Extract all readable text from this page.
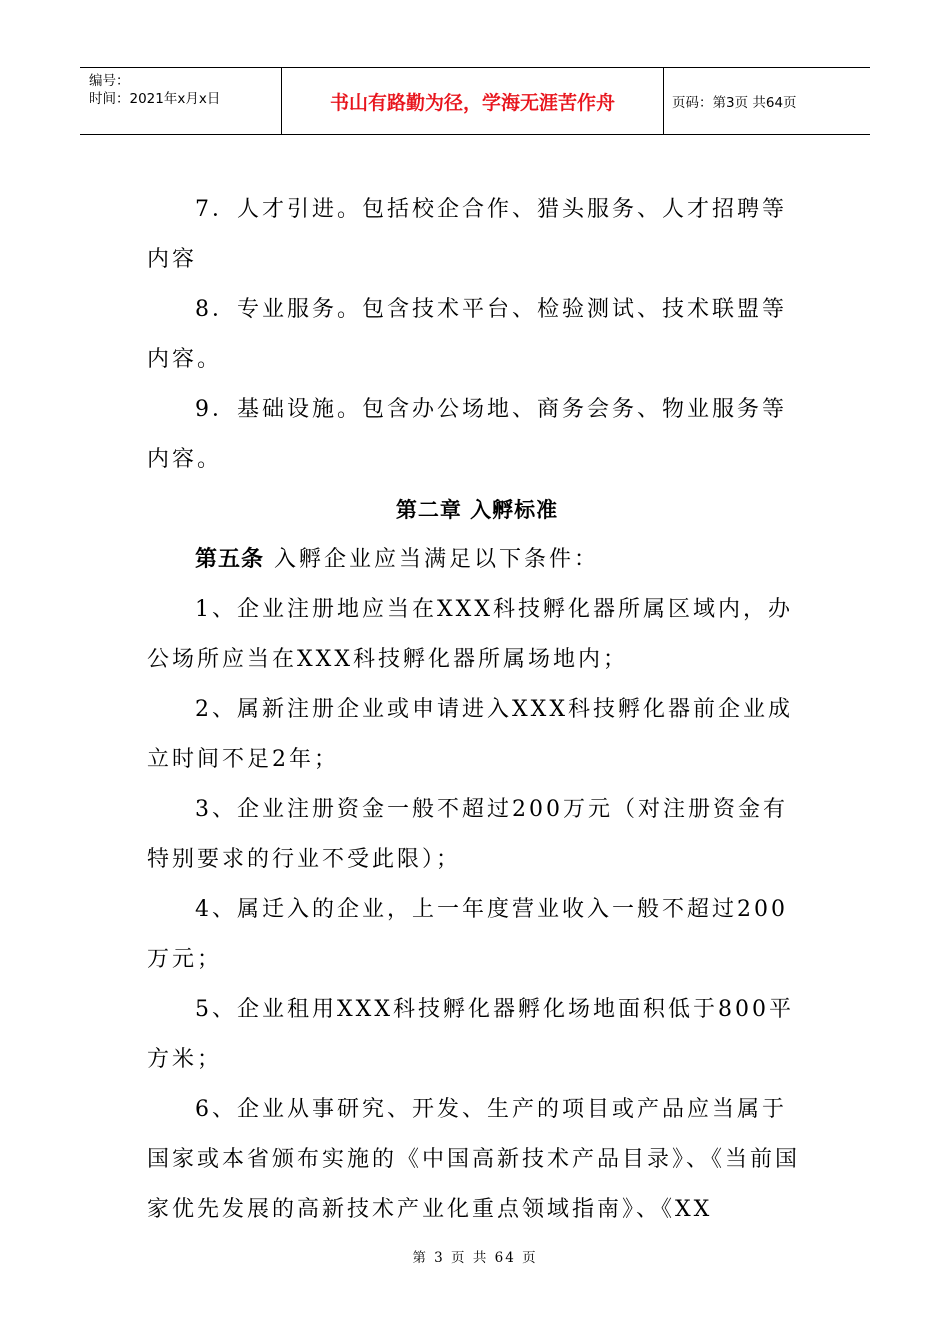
编号：
时间：2021年x月x日	书山有路勤为径，学海无涯苦作舟	页码：第3页 共64页

7．人才引进。包括校企合作、猎头服务、人才招聘等内容

8．专业服务。包含技术平台、检验测试、技术联盟等内容。

9．基础设施。包含办公场地、商务会务、物业服务等内容。

第二章 入孵标准

第五条 入孵企业应当满足以下条件：

1、企业注册地应当在XXX科技孵化器所属区域内，办公场所应当在XXX科技孵化器所属场地内；

2、属新注册企业或申请进入XXX科技孵化器前企业成立时间不足2年；

3、企业注册资金一般不超过200万元（对注册资金有特别要求的行业不受此限）；

4、属迁入的企业，上一年度营业收入一般不超过200万元；

5、企业租用XXX科技孵化器孵化场地面积低于800平方米；

6、企业从事研究、开发、生产的项目或产品应当属于国家或本省颁布实施的《中国高新技术产品目录》、《当前国家优先发展的高新技术产业化重点领域指南》、《XX

第 3 页 共 64 页
